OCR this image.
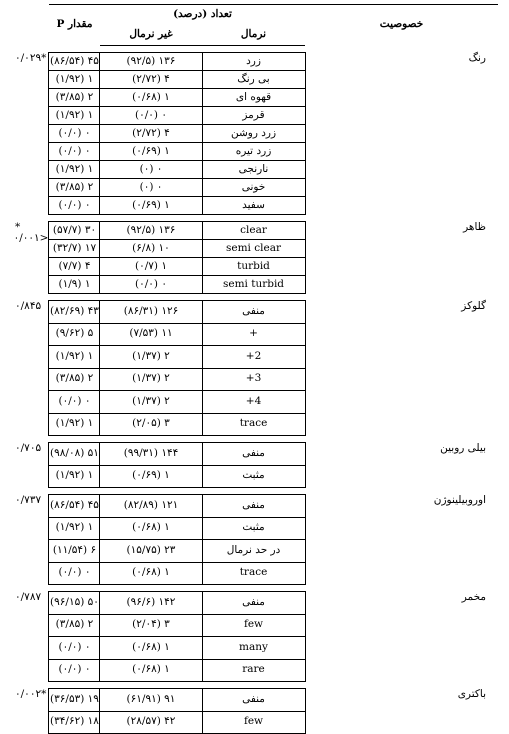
خصوصیت	تعداد (درصد)		مقدار P	
	نرمال	غیر نرمال		

رنگ	زرد	۱۳۶ (۹۲/۵)	۴۵ (۸۶/۵۴)	*۰/۰۲۹
	بی رنگ	۴ (۲/۷۲)	۱ (۱/۹۲)	
	قهوه ای	۱ (۰/۶۸)	۲ (۳/۸۵)	
	قرمز	۰ (۰/۰)	۱ (۱/۹۲)	
	زرد روشن	۴ (۲/۷۲)	۰ (۰/۰)	
	زرد تیره	۱ (۰/۶۹)	۰ (۰/۰)	
	نارنجی	۰ (۰)	۱ (۱/۹۲)	
	خونی	۰ (۰)	۲ (۳/۸۵)	
	سفید	۱ (۰/۶۹)	۰ (۰/۰)	

ظاهر	clear	۱۳۶ (۹۲/۵)	۳۰ (۵۷/۷)	*<۰/۰۰۱
	semi clear	۱۰ (۶/۸)	۱۷ (۳۲/۷)	
	turbid	۱ (۰/۷)	۴ (۷/۷)	
	semi turbid	۰ (۰/۰)	۱ (۱/۹)	

گلوکز	منفی	۱۲۶ (۸۶/۳۱)	۴۳ (۸۲/۶۹)	۰/۸۴۵
	+	۱۱ (۷/۵۳)	۵ (۹/۶۲)	
	2+	۲ (۱/۳۷)	۱ (۱/۹۲)	
	3+	۲ (۱/۳۷)	۲ (۳/۸۵)	
	4+	۲ (۱/۳۷)	۰ (۰/۰)	
	trace	۳ (۲/۰۵)	۱ (۱/۹۲)	

بیلی روبین	منفی	۱۴۴ (۹۹/۳۱)	۵۱ (۹۸/۰۸)	۰/۷۰۵
	مثبت	۱ (۰/۶۹)	۱ (۱/۹۲)	

اوروبیلینوژن	منفی	۱۲۱ (۸۲/۸۹)	۴۵ (۸۶/۵۴)	۰/۷۳۷
	مثبت	۱ (۰/۶۸)	۱ (۱/۹۲)	
	در حد نرمال	۲۳ (۱۵/۷۵)	۶ (۱۱/۵۴)	
	trace	۱ (۰/۶۸)	۰ (۰/۰)	

مخمر	منفی	۱۴۲ (۹۶/۶)	۵۰ (۹۶/۱۵)	۰/۷۸۷
	few	۳ (۲/۰۴)	۲ (۳/۸۵)	
	many	۱ (۰/۶۸)	۰ (۰/۰)	
	rare	۱ (۰/۶۸)	۰ (۰/۰)	

باکتری	منفی	۹۱ (۶۱/۹۱)	۱۹ (۳۶/۵۳)	*۰/۰۰۲
	few	۴۲ (۲۸/۵۷)	۱۸ (۳۴/۶۲)	
